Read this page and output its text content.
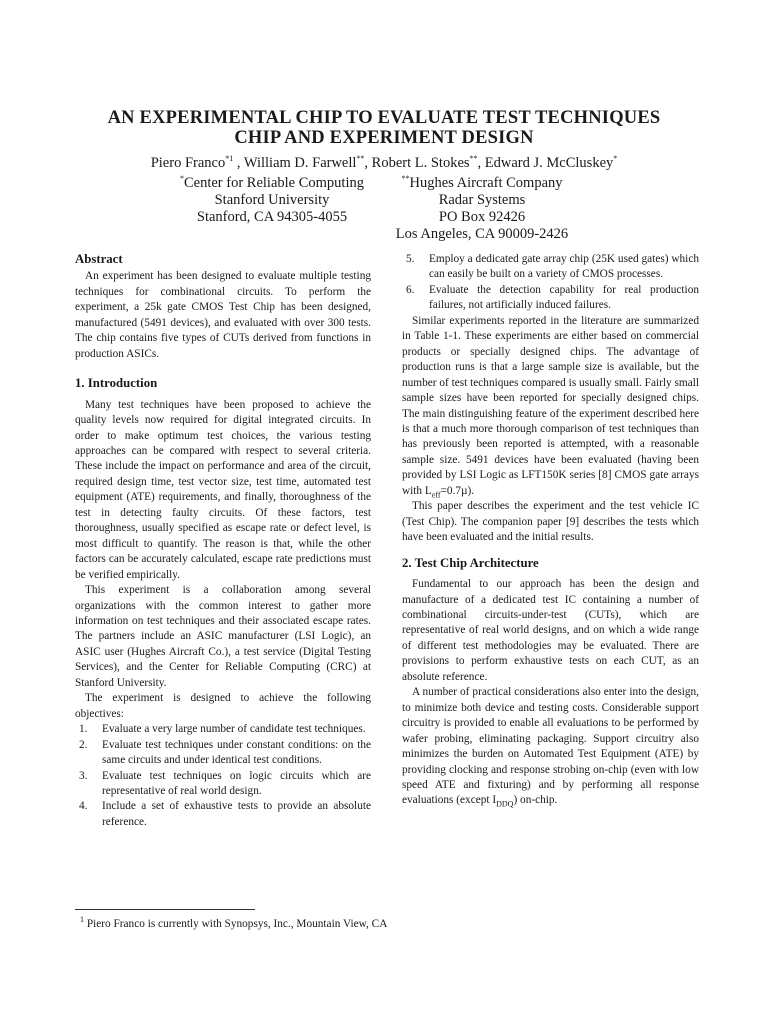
AN EXPERIMENTAL CHIP TO EVALUATE TEST TECHNIQUES
CHIP AND EXPERIMENT DESIGN
Piero Franco$^{*1}$ , William D. Farwell**, Robert L. Stokes**, Edward J. McCluskey*
*Center for Reliable Computing
Stanford University
Stanford, CA 94305-4055
**Hughes Aircraft Company
Radar Systems
PO Box 92426
Los Angeles, CA 90009-2426
Abstract

An experiment has been designed to evaluate multiple testing techniques for combinational circuits. To perform the experiment, a 25k gate CMOS Test Chip has been designed, manufactured (5491 devices), and evaluated with over 300 tests. The chip contains five types of CUTs derived from functions in production ASICs.

1. Introduction

Many test techniques have been proposed to achieve the quality levels now required for digital integrated circuits. In order to make optimum test choices, the various testing approaches can be compared with respect to several criteria. These include the impact on performance and area of the circuit, required design time, test vector size, test time, automated test equipment (ATE) requirements, and finally, thoroughness of the test in detecting faulty circuits. Of these factors, test thoroughness, usually specified as escape rate or defect level, is most difficult to quantify. The reason is that, while the other factors can be accurately calculated, escape rate predictions must be verified empirically.

This experiment is a collaboration among several organizations with the common interest to gather more information on test techniques and their associated escape rates. The partners include an ASIC manufacturer (LSI Logic), an ASIC user (Hughes Aircraft Co.), a test service (Digital Testing Services), and the Center for Reliable Computing (CRC) at Stanford University.

The experiment is designed to achieve the following objectives:

1. Evaluate a very large number of candidate test techniques.
2. Evaluate test techniques under constant conditions: on the same circuits and under identical test conditions.
3. Evaluate test techniques on logic circuits which are representative of real world design.
4. Include a set of exhaustive tests to provide an absolute reference.
5. Employ a dedicated gate array chip (25K used gates) which can easily be built on a variety of CMOS processes.
6. Evaluate the detection capability for real production failures, not artificially induced failures.

Similar experiments reported in the literature are summarized in Table 1-1. These experiments are either based on commercial products or specially designed chips. The advantage of production runs is that a large sample size is available, but the number of test techniques compared is usually small. Fairly small sample sizes have been reported for specially designed chips. The main distinguishing feature of the experiment described here is that a much more thorough comparison of test techniques than has previously been reported is attempted, with a reasonable sample size. 5491 devices have been evaluated (having been provided by LSI Logic as LFT150K series [8] CMOS gate arrays with $L_{eff}=0.7\mu$).

This paper describes the experiment and the test vehicle IC (Test Chip). The companion paper [9] describes the tests which have been evaluated and the initial results.

2. Test Chip Architecture

Fundamental to our approach has been the design and manufacture of a dedicated test IC containing a number of combinational circuits-under-test (CUTs), which are representative of real world designs, and on which a wide range of different test methodologies may be evaluated. There are provisions to perform exhaustive tests on each CUT, as an absolute reference.

A number of practical considerations also enter into the design, to minimize both device and testing costs. Considerable support circuitry is provided to enable all evaluations to be performed by wafer probing, eliminating packaging. Support circuitry also minimizes the burden on Automated Test Equipment (ATE) by providing clocking and response strobing on-chip (even with low speed ATE and fixturing) and by performing all response evaluations (except $I_{DDQ}$) on-chip.

$^1$ Piero Franco is currently with Synopsys, Inc., Mountain View, CA
